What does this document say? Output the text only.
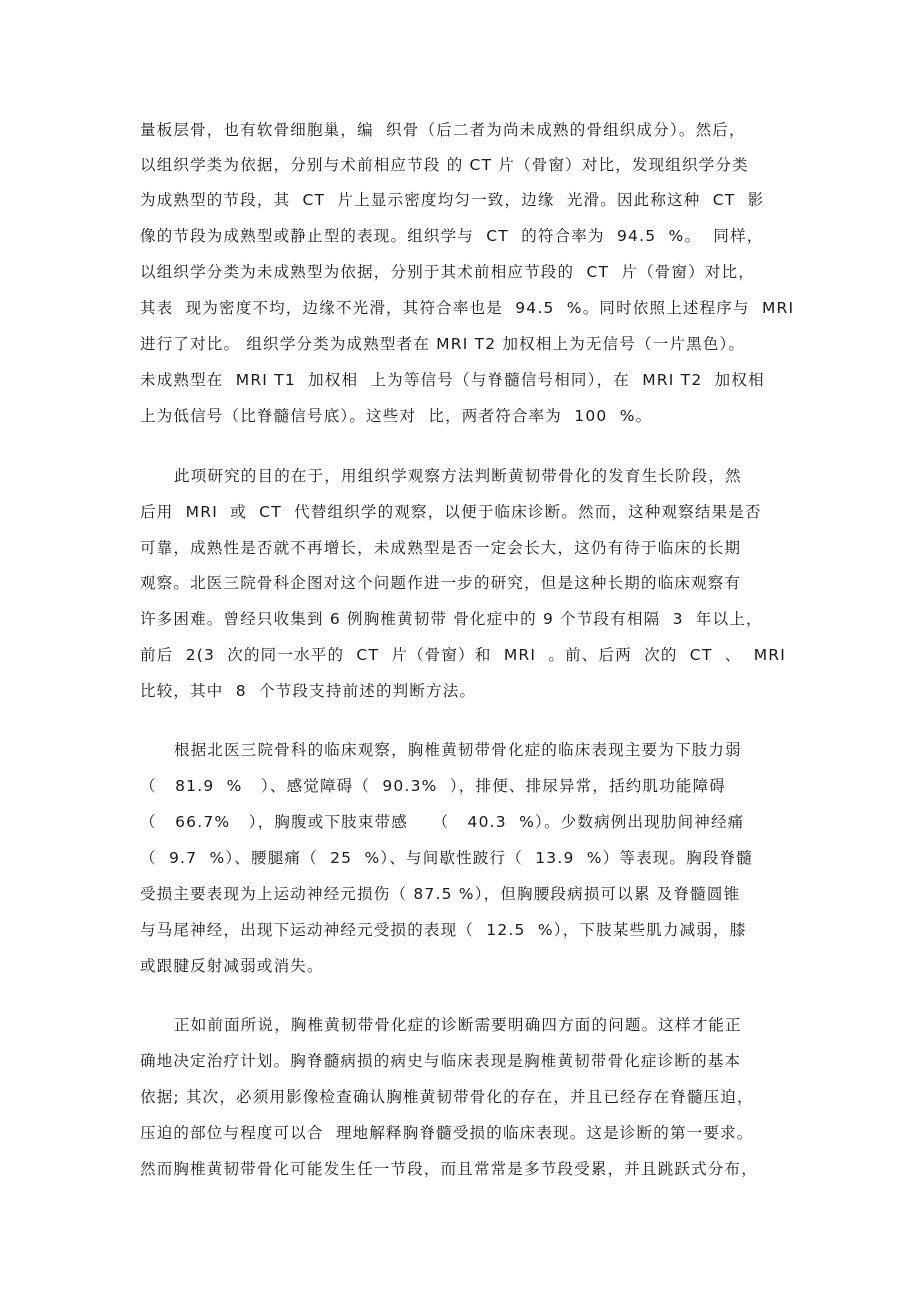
量板层骨，也有软骨细胞巢，编  织骨（后二者为尚未成熟的骨组织成分）。然后，
以组织学类为依据，分别与术前相应节段 的 CT 片（骨窗）对比，发现组织学分类
为成熟型的节段，其  CT  片上显示密度均匀一致，边缘  光滑。因此称这种  CT  影
像的节段为成熟型或静止型的表现。组织学与  CT  的符合率为  94.5  %。  同样，
以组织学分类为未成熟型为依据，分别于其术前相应节段的  CT  片（骨窗）对比，
其表  现为密度不均，边缘不光滑，其符合率也是  94.5  %。同时依照上述程序与  MRI
进行了对比。 组织学分类为成熟型者在 MRI T2 加权相上为无信号（一片黑色）。
未成熟型在  MRI T1  加权相  上为等信号（与脊髓信号相同），在  MRI T2  加权相
上为低信号（比脊髓信号底）。这些对  比，两者符合率为  100  %。
此项研究的目的在于，用组织学观察方法判断黄韧带骨化的发育生长阶段，然
后用  MRI  或  CT  代替组织学的观察，以便于临床诊断。然而，这种观察结果是否
可靠，成熟性是否就不再增长，未成熟型是否一定会长大，这仍有待于临床的长期
观察。北医三院骨科企图对这个问题作进一步的研究，但是这种长期的临床观察有
许多困难。曾经只收集到 6 例胸椎黄韧带 骨化症中的 9 个节段有相隔  3  年以上，
前后  2(3  次的同一水平的  CT  片（骨窗）和  MRI  。前、后两  次的  CT  、  MRI
比较，其中  8  个节段支持前述的判断方法。
根据北医三院骨科的临床观察，胸椎黄韧带骨化症的临床表现主要为下肢力弱
（   81.9  %   ）、感觉障碍（  90.3%  ），排便、排尿异常，括约肌功能障碍
（   66.7%   ），胸腹或下肢束带感    （   40.3  %）。少数病例出现肋间神经痛
（  9.7  %）、腰腿痛（  25  %）、与间歇性跛行（  13.9  %）等表现。胸段脊髓
受损主要表现为上运动神经元损伤（ 87.5 %），但胸腰段病损可以累 及脊髓圆锥
与马尾神经，出现下运动神经元受损的表现（  12.5  %），下肢某些肌力减弱，膝
或跟腱反射减弱或消失。
正如前面所说，胸椎黄韧带骨化症的诊断需要明确四方面的问题。这样才能正
确地决定治疗计划。胸脊髓病损的病史与临床表现是胸椎黄韧带骨化症诊断的基本
依据; 其次，必须用影像检查确认胸椎黄韧带骨化的存在，并且已经存在脊髓压迫，
压迫的部位与程度可以合  理地解释胸脊髓受损的临床表现。这是诊断的第一要求。
然而胸椎黄韧带骨化可能发生任一节段，而且常常是多节段受累，并且跳跃式分布，
